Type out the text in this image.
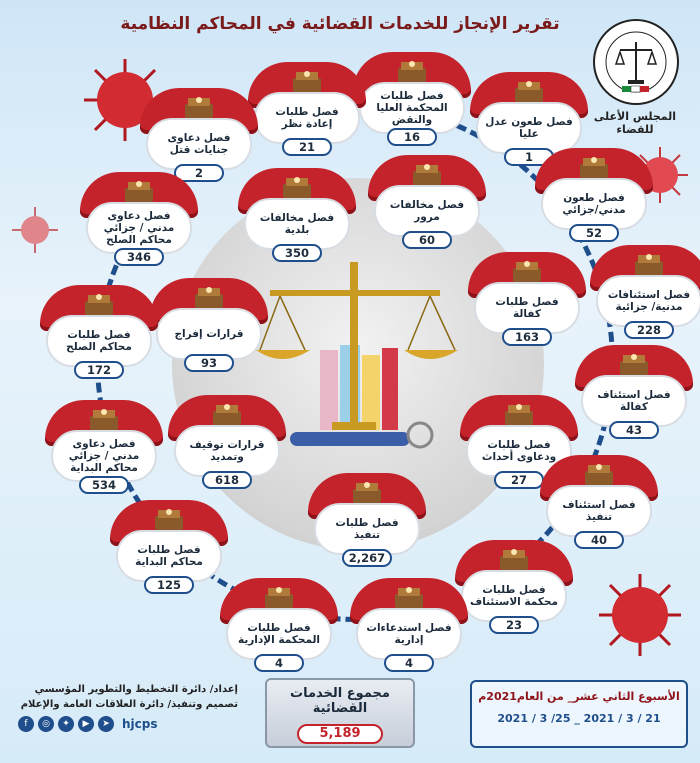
تقرير الإنجاز للخدمات القضائية في المحاكم النظامية
المجلس الأعلى للقضاء
فصل طعون عدل عليا
1
فصل طلبات المحكمة العليا والنقض
16
فصل طلبات إعادة نظر
21
فصل دعاوى جنايات قتل
2
فصل طعون مدني/جزائي
52
فصل مخالفات مرور
60
فصل مخالفات بلدية
350
فصل دعاوى مدني / جزائي محاكم الصلح
346
فصل استئنافات مدنية/ جزائية
228
فصل طلبات كفالة
163
قرارات إفراج
93
فصل طلبات محاكم الصلح
172
فصل استئناف كفالة
43
فصل دعاوى مدني / جزائي محاكم البداية
534
قرارات توقيف وتمديد
618
فصل طلبات ودعاوى أحداث
27
فصل استئناف تنفيذ
40
فصل طلبات تنفيذ
2,267
فصل طلبات محاكم البداية
125	فصل طلبات محكمة الاستئناف
23
فصل طلبات المحكمة الإدارية
4
فصل استدعاءات إدارية
4
إعداد/ دائرة التخطيط والتطوير المؤسسي
تصميم وتنفيذ/ دائرة العلاقات العامة والإعلام
f	◎	✦	▶	➤	hjcps
مجموع الخدمات القضائية
5,189
الأسبوع الثاني عشر_ من العام2021م
2021 / 3 /25 _ 2021 / 3 / 21
